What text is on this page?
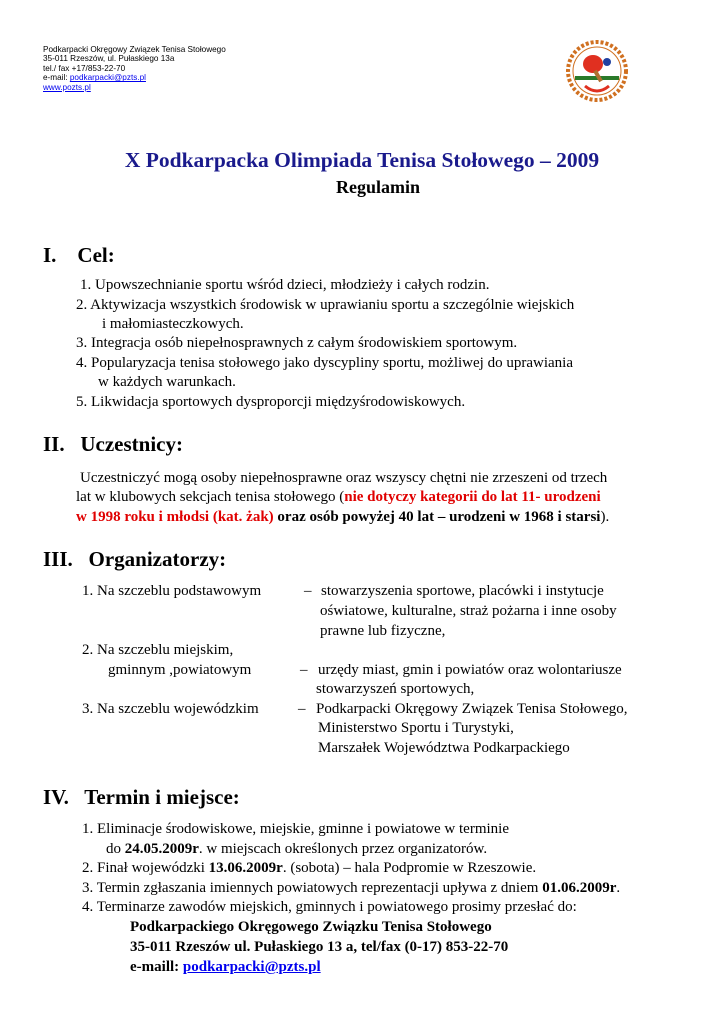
Podkarpacki Okręgowy Związek Tenisa Stołowego
35-011 Rzeszów, ul. Pułaskiego 13a
tel./ fax +17/853-22-70
e-mail: podkarpacki@pzts.pl
www.pozts.pl
X Podkarpacka Olimpiada Tenisa Stołowego – 2009
Regulamin
I.    Cel:
1. Upowszechnianie sportu wśród dzieci, młodzieży i całych rodzin.
2. Aktywizacja wszystkich środowisk w uprawianiu sportu a szczególnie wiejskich
i małomiasteczkowych.
3. Integracja osób niepełnosprawnych z całym środowiskiem sportowym.
4. Popularyzacja tenisa stołowego jako dyscypliny sportu, możliwej do uprawiania
w każdych warunkach.
5. Likwidacja sportowych dysproporcji międzyśrodowiskowych.
II.   Uczestnicy:
Uczestniczyć mogą osoby niepełnosprawne oraz wszyscy chętni nie zrzeszeni od trzech
lat w klubowych sekcjach tenisa stołowego (nie dotyczy kategorii do lat 11- urodzeni
w 1998 roku i młodsi (kat. żak) oraz osób powyżej 40 lat – urodzeni w 1968 i starsi).
III.   Organizatorzy:
1. Na szczeblu podstawowym	– stowarzyszenia sportowe, placówki i instytucje
oświatowe, kulturalne, straż pożarna i inne osoby
prawne lub fizyczne,
2. Na szczeblu miejskim,
gminnym ,powiatowym	– urzędy miast, gmin i powiatów oraz wolontariusze
stowarzyszeń sportowych,
3. Na szczeblu wojewódzkim	– Podkarpacki Okręgowy Związek Tenisa Stołowego,
Ministerstwo Sportu i Turystyki,
Marszałek Województwa Podkarpackiego
IV.   Termin i miejsce:
1. Eliminacje środowiskowe, miejskie, gminne i powiatowe w terminie
do 24.05.2009r. w miejscach określonych przez organizatorów.
2. Finał wojewódzki 13.06.2009r. (sobota) – hala Podpromie w Rzeszowie.
3. Termin zgłaszania imiennych powiatowych reprezentacji upływa z dniem 01.06.2009r.
4. Terminarze zawodów miejskich, gminnych i powiatowego prosimy przesłać do:
Podkarpackiego Okręgowego Związku Tenisa Stołowego
35-011 Rzeszów ul. Pułaskiego 13 a, tel/fax (0-17) 853-22-70
e-maill: podkarpacki@pzts.pl
